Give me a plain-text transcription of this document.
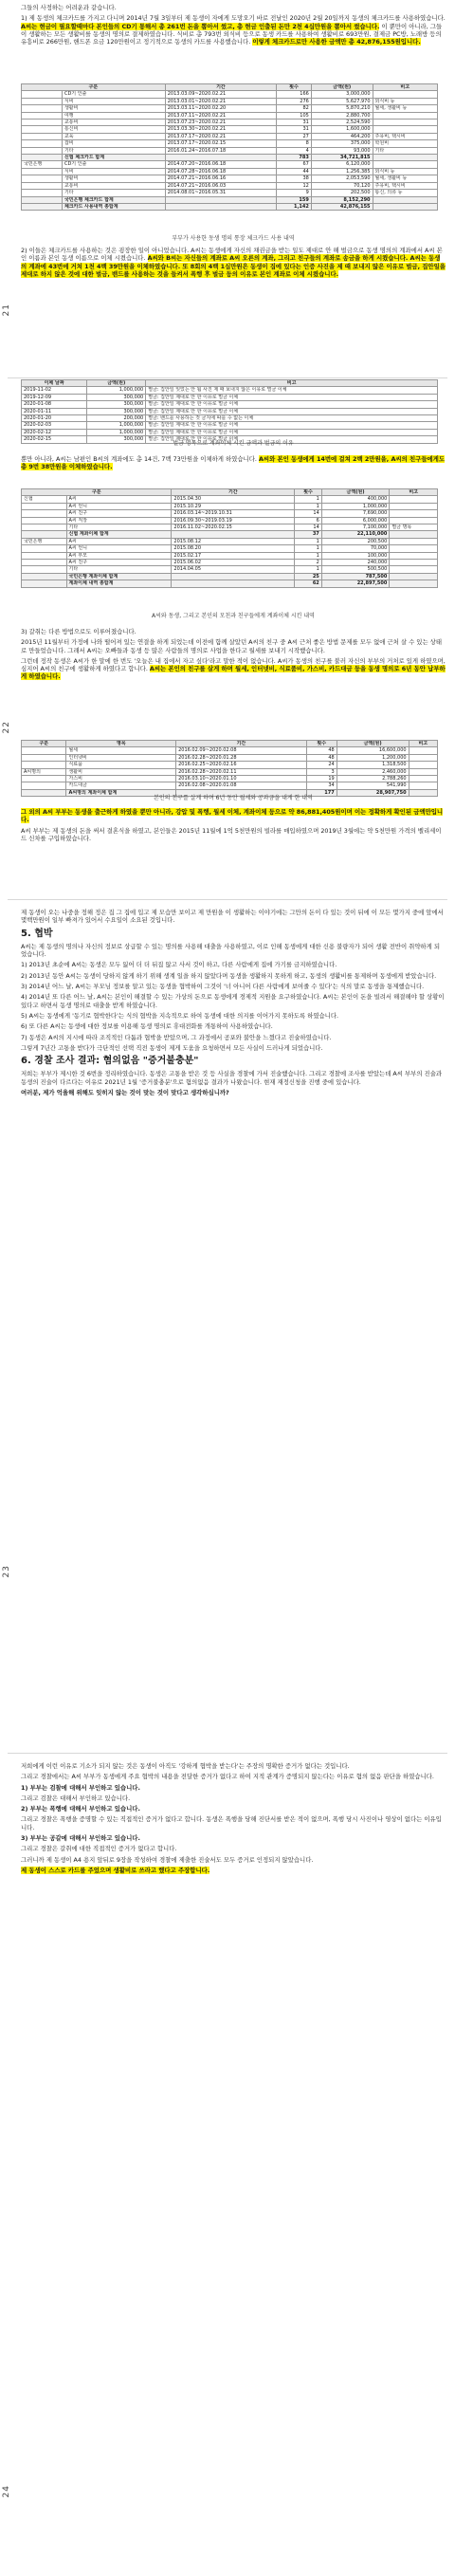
21

그들의 사정하는 어려운과 같습니다.

1) 제 동생의 체크카드를 가지고 다니며 2014년 7월 3일부터 제 동생이 자에게 도망오기 바로 전날인 2020년 2월 20일까지 동생의 체크카드를 사용하였습니다. A씨는 현금이 필요할때마다 본인들의 CD기 통해서 총 261번 돈을 뽑아서 썼고, 총 현금 인출된 돈만 2천 4십만원을 뽑아서 썼습니다. 이 뿐만이 아니라, 그들이 생활하는 모든 생활비를 동생의 명의로 결제하였습니다. 식비로 총 793번 외식비 등으로 동생 카드를 사용하여 생활비로 693만원, 결제금 PC방, 노래방 등의 유흥비로 266만원, 핸드폰 요금 120만원이고 정기적으로 동생의 카드를 사용했습니다. 이렇게 체크카드로만 사용한 금액만 총 42,876,155원입니다.

구분		기간	횟수	금액(원)	비고
	CD기 인출	2013.03.09~2020.02.21	166	3,000,000	
	식비	2013.03.01~2020.02.21	276	5,627,970	외식비 등
	생활비	2013.03.11~2020.02.20	82	5,870,210	월세, 생활비 등
	여행	2013.07.11~2020.02.21	105	2,880,700	
	교통비	2013.07.23~2020.02.21	31	2,524,590	
	통신비	2013.03.30~2020.02.21	31	1,600,000	
	교육	2013.07.17~2020.02.21	27	464,200	주유비, 택시비
	잡비	2013.07.17~2020.02.15	8	375,000	학원비
	기타	2016.01.24~2016.07.18	4	93,000	기타
	신협 체크카드 합계		783	34,721,815	
국민은행	CD기 인출	2014.07.20~2016.06.18	67	6,120,000	
	식비	2014.07.28~2016.06.18	44	1,256,385	외식비 등
	생활비	2014.07.21~2016.06.16	38	2,053,590	월세, 생활비 등
	교통비	2014.07.21~2016.06.03	12	70,120	주유비, 택시비
	기타	2014.08.01~2016.05.31	9	202,500	통신, 의류 등
	국민은행 체크카드 합계		159	8,152,290	
	체크카드 사용내역 총합계		1,142	42,876,155	
부부가 사용한 동생 명의 통장 체크카드 사용 내역

2) 이들은 체크카드를 사용하는 것은 굉장한 일이 아니었습니다. A씨는 동생에게 자신의 채권금을 받는 일도 제대로 안 해 벌금으로 동생 명의의 계좌에서 A씨 본인 이름과 본인 동생 이름으로 이체 시켰습니다. A씨와 B씨는 자신들의 계좌로 A씨 오른의 계좌, 그리고 친구들의 계좌로 송금을 하게 시켰습니다. A씨는 동생의 계좌에 43번에 거쳐 1천 4백 39만원을 이체하였습니다. 또 8회의 4백 1십만원은 동생이 집에 있다는 인증 사진을 제 때 보내지 않은 이유로 벌금, 집안일을 제대로 하지 않은 것에 대한 벌금, 밴드를 사용하는 것을 들켜서 폭행 후 벌금 등의 이유로 본인 계좌로 이체 시켰습니다.

이체 날짜	금액(원)	비고
2019-11-02	1,000,000	별금: 집안일 잊었는 안 됨 사진 제 때 보내지 않은 이유로 벌금 이체
2019-12-09	300,000	별금: 집안일 제대로 안 한 이유로 벌금 이체
2020-01-08	300,000	별금: 집안일 제대로 안 한 이유로 벌금 이체
2020-01-11	300,000	별금: 집안일 제대로 안 한 이유로 벌금 이체
2020-01-20	200,000	별금: 밴드를 사용하는 것 금지에 따를 수 없는 이체
2020-02-03	1,000,000	별금: 집안일 제대로 안 한 이유로 벌금 이체
2020-02-12	1,000,000	별금: 집안일 제대로 안 한 이유로 벌금 이체
2020-02-15	300,000	별금: 집안일 제대로 안 한 이유로 벌금 이체
벌금 명목으로 계좌이체 시킨 금액과 벌금의 이유

뿐만 아니라, A씨는 남편인 B씨의 계좌에도 총 14건, 7백 73만원을 이체하게 하였습니다. A씨와 본인 동생에게 14번에 걸쳐 2백 2만원을, A씨의 친구들에게도 총 9번 38만원을 이체하였습니다.

구분		기간	횟수	금액(원)	비고
신협	A씨	2015.04.30	1	400,000	
	A씨 언니	2015.10.29	1	1,000,000	
	A씨 친구	2016.03.14~2019.10.31	14	7,690,000	
	A씨 직장	2016.09.30~2019.03.19	6	6,000,000	
	기타	2016.11.02~2020.02.15	14	7,100,000	별금 명목
	신협 계좌이체 합계		37	22,110,000	
국민은행	A씨	2015.08.12	1	200,500	
	A씨 언니	2015.08.20	1	70,000	
	A씨 부모	2015.02.17	1	100,000	
	A씨 친구	2015.06.02	2	240,000	
	기타	2014.04.05	1	500,500	
	국민은행 계좌이체 합계		25	787,500	
	계좌이체 내역 총합계		62	22,897,500	
A씨와 동생, 그리고 본인의 모친과 친구들에게 계좌이체 시킨 내역

3) 갈취는 다른 방법으로도 이루어졌습니다.

2015년 11월부터 가정에 나와 떨어져 있는 연결을 하게 되었는데 이전에 함께 살았던 A씨의 친구 중 A씨 근처 좋은 방법 문제를 모두 없애 근처 살 수 있는 상태로 만들었습니다. 그래서 A씨는 오빠들과 동생 등 많은 사람들의 명의로 사업을 한다고 월세를 보내기 시작했습니다.

그런데 정작 동생은 A씨가 한 말에 한 번도 '오늘은 내 집에서 자고 싶다'라고 말한 적이 없습니다. A씨가 동생의 친구를 불러 자신의 부부의 거처로 있게 하였으며, 심지어 A씨의 친구에 생활하게 하였다고 합니다. A씨는 본인의 친구를 살게 하며 월세, 인터넷비, 식료품비, 가스비, 카드대금 등을 동생 명의로 6년 동안 납부하게 하였습니다.

구분	명목	기간	횟수	금액(원)	비고
	월세	2016.02.09~2020.02.08	48	16,600,000	
	인터넷비	2016.02.28~2020.01.28	48	1,200,000	
	식료품	2016.02.25~2020.02.16	24	1,318,500	
A씨명의	생활비	2016.02.28~2020.02.11	3	2,460,000	
	가스비	2016.03.10~2020.01.10	19	2,788,260	
	카드대금	2016.02.08~2020.01.08	34	541,990	
	A씨명의 계좌이체 합계		177	28,907,750	
본인의 친구를 살게 하며 6년 동안 월세와 공과금을 내게 한 내역

그 외의 A씨 부부는 동생을 출근하게 하였을 뿐만 아니라, 강압 및 폭행, 월세 이체, 계좌이체 등으로 약 86,881,405원이며 이는 정확하게 확인된 금액만입니다.

A씨 부부는 제 동생의 돈을 써서 결혼식을 하였고, 본인들은 2015년 11월에 1억 5천만원의 빌라를 매입하였으며 2019년 3월에는 약 5천만원 가격의 벨리세이드 신차를 구입하였습니다.

22
23

제 동생이 오는 나중을 정해 정은 집 그 집에 입고 제 모습만 보이고 제 만원을 이 생활하는 이야기에는 그만의 돈이 다 있는 것이 뒤에 이 모든 몇가지 중에 앞에서 몇백만원이 일부 빠져가 있어서 수요일이 소요된 것입니다.

5. 협박

A씨는 제 동생의 명의나 자신의 정보로 상급할 수 있는 명의를 사용해 대출을 사용하였고, 이로 인해 동생에게 대한 신용 불량자가 되어 생활 전반이 취약하게 되었습니다.

1) 2013년 초순에 A씨는 동생은 모두 잃어 더 더 뒤집 않고 사서 것이 하고, 다른 사람에게 집에 가기를 금지하였습니다.

2) 2013년 동안 A씨는 동생이 당하지 않게 하기 위해 생계 일을 하지 않았다며 동생을 생활하지 못하게 하고, 동생의 생활비를 통제하며 동생에게 받았습니다.

3) 2014년 어느 날, A씨는 부모님 정보를 알고 있는 동생을 협박하여 그것이 '너 아니어 다른 사람에게 보여줄 수 있다'는 식의 말로 동생을 통제했습니다.

4) 2014년 또 다른 어느 날, A씨는 본인이 해결할 수 있는 가상의 돈으로 동생에게 경제적 지원을 요구하였습니다. A씨는 본인이 돈을 빌려서 해결해야 할 상황이 있다고 하면서 동생 명의로 대출을 받게 하였습니다.

5) A씨는 동생에게 '동기로 협박한다'는 식의 협박을 지속적으로 하여 동생에 대한 의지를 이어가지 못하도록 하였습니다.

6) 또 다른 A씨는 동생에 대한 정보를 이용해 동생 명의로 휴대전화를 개통하여 사용하였습니다.

7) 동생은 A씨의 지시에 따라 조직적인 다툼과 협박을 받았으며, 그 과정에서 공포와 불안을 느꼈다고 진술하였습니다.

그렇게 7년간 고통을 받다가 극단적인 선택 직전 동생이 제게 도움을 요청하면서 모든 사실이 드러나게 되었습니다.

6. 경찰 조사 결과: 혐의없음 "증거불충분"

저희는 부부가 제시한 것 6번을 정리하였습니다. 동생은 고통을 받은 것 등 사실을 경찰에 가서 진술했습니다. 그리고 경찰에 조사를 받았는데 A씨 부부의 진술과 동생의 진술이 다르다는 이유로 2021년 1월 '증거불충분'으로 혐의없음 결과가 나왔습니다. 현재 재정신청을 진행 중에 있습니다.

여러분, 제가 억울해 위해도 잊히지 않는 것이 맞는 것이 맞다고 생각하십니까?

24

저희에게 이런 이유로 기소가 되지 않는 것은 동생이 아직도 '강하게 협박을 받는다'는 주장의 명확한 증거가 없다는 것입니다.

그리고 경찰에서는 A씨 부부가 동생에게 주요 협박의 내용을 전달한 증거가 없다고 하여 지적 관계가 증명되지 않는다는 이유로 혐의 없음 판단을 하였습니다.

1) 부부는 검찰에 대해서 부인하고 있습니다.

그리고 검찰은 대해서 부인하고 있습니다.

2) 부부는 폭행에 대해서 부인하고 있습니다.

그리고 경찰은 폭행을 증명할 수 있는 직접적인 증거가 없다고 합니다. 동생은 폭행을 당해 진단서를 받은 적이 없으며, 폭행 당시 사진이나 영상이 없다는 이유입니다.

3) 부부는 공갈에 대해서 부인하고 있습니다.

그리고 경찰은 갈취에 대한 직접적인 증거가 없다고 합니다.

그러니까 제 동생이 A4 용지 앞뒤로 9장을 작성하여 경찰에 제출한 진술서도 모두 증거로 인정되지 않았습니다.

제 동생이 스스로 카드를 주었으며 생활비로 쓰라고 했다고 주장합니다.
